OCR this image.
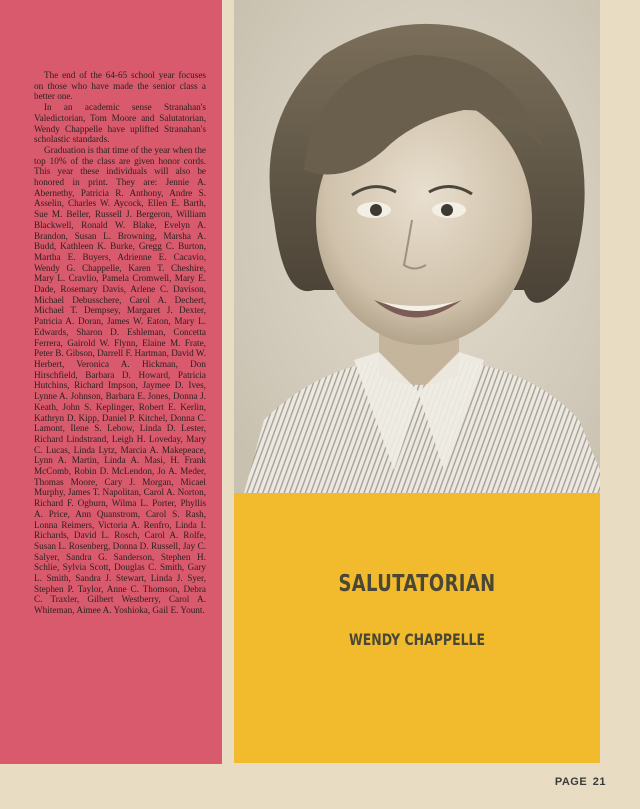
The end of the 64-65 school year focuses on those who have made the senior class a better one.

In an academic sense Stranahan's Valedictorian, Tom Moore and Salutatorian, Wendy Chappelle have uplifted Stranahan's scholastic standards.

Graduation is that time of the year when the top 10% of the class are given honor cords. This year these individuals will also be honored in print. They are: Jennie A. Abernethy, Patricia R. Anthony, Andre S. Asselin, Charles W. Aycock, Ellen E. Barth, Sue M. Beller, Russell J. Bergeron, William Blackwell, Ronald W. Blake, Evelyn A. Brandon, Susan L. Browning, Marsha A. Budd, Kathleen K. Burke, Gregg C. Burton, Martha E. Buyers, Adrienne E. Cacavio, Wendy G. Chappelle, Karen T. Cheshire, Mary L. Cravlio, Pamela Cromwell, Mary E. Dade, Rosemary Davis, Arlene C. Davison, Michael Debusschere, Carol A. Dechert, Michael T. Dempsey, Margaret J. Dexter, Patricia A. Doran, James W. Eaton, Mary L. Edwards, Sharon D. Eshleman, Concetta Ferrera, Gairold W. Flynn, Elaine M. Frate, Peter B. Gibson, Darrell F. Hartman, David W. Herbert, Veronica A. Hickman, Don Hirschfield, Barbara D. Howard, Patricia Hutchins, Richard Impson, Jaymee D. Ives, Lynne A. Johnson, Barbara E. Jones, Donna J. Keath, John S. Keplinger, Robert E. Kerlin, Kathryn D. Kipp, Daniel P. Kitchel, Donna C. Lamont, Ilene S. Lebow, Linda D. Lester, Richard Lindstrand, Leigh H. Loveday, Mary C. Lucas, Linda Lytz, Marcia A. Makepeace, Lynn A. Martin, Linda A. Masi, H. Frank McComb, Robin D. McLendon, Jo A. Meder, Thomas Moore, Cary J. Morgan, Micael Murphy, James T. Napolitan, Carol A. Norton, Richard F. Ogburn, Wilma L. Porter, Phyllis A. Price, Ann Quanstrom, Carol S. Rash, Lonna Reimers, Victoria A. Renfro, Linda I. Richards, David L. Rosch, Carol A. Rolfe, Susan L. Rosenberg, Donna D. Russell, Jay C. Salyer, Sandra G. Sanderson, Stephen H. Schlie, Sylvia Scott, Douglas C. Smith, Gary L. Smith, Sandra J. Stewart, Linda J. Syer, Stephen P. Taylor, Anne C. Thomson, Debra C. Traxler, Gilbert Westberry, Carol A. Whiteman, Aimee A. Yoshioka, Gail E. Yount.

SALUTATORIAN
WENDY CHAPPELLE
PAGE 21
